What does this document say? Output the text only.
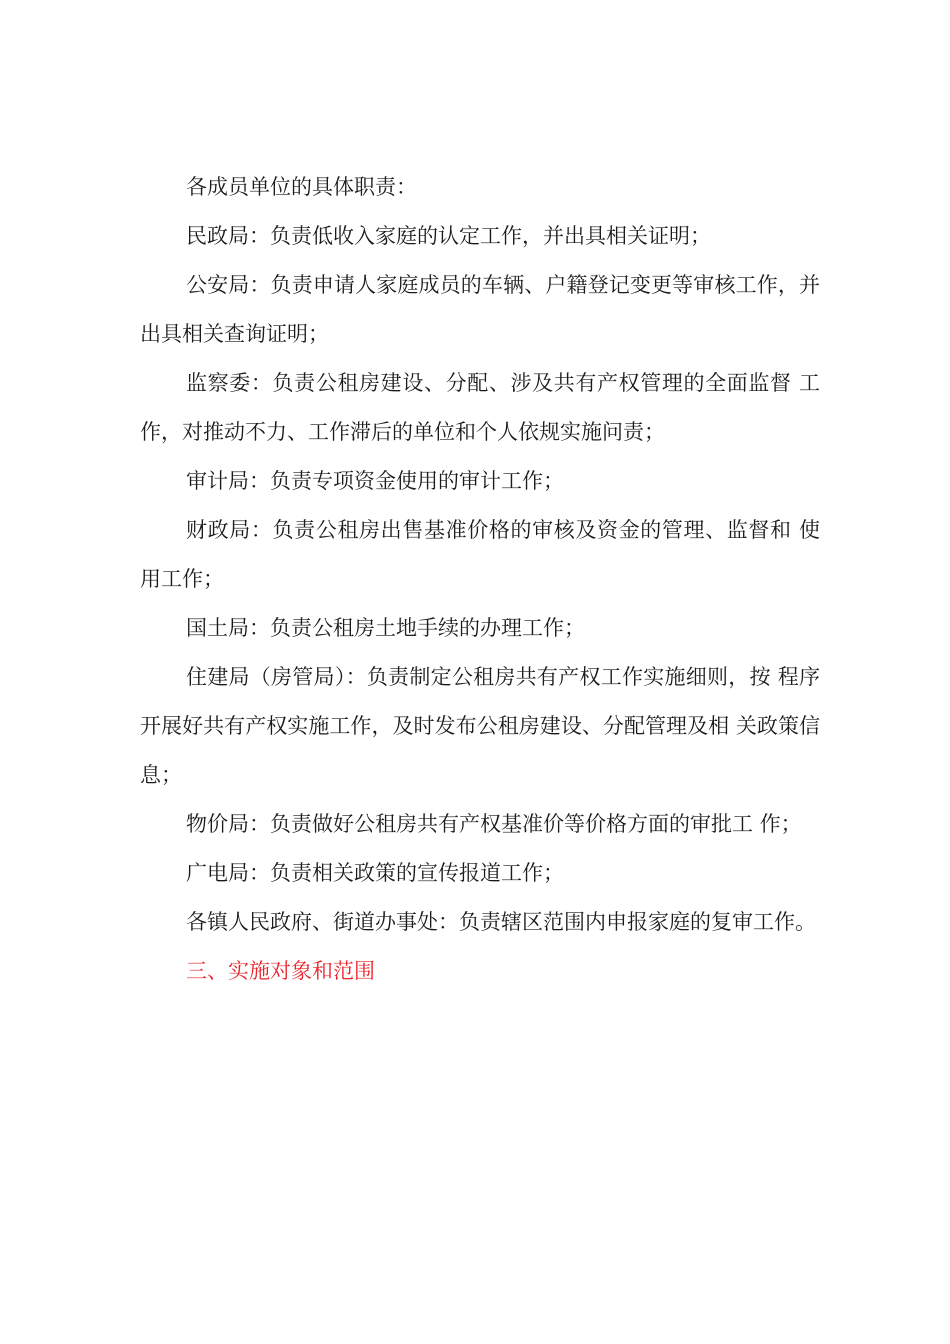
各成员单位的具体职责：

民政局：负责低收入家庭的认定工作，并出具相关证明；

公安局：负责申请人家庭成员的车辆、户籍登记变更等审核工作，并出具相关查询证明；

监察委：负责公租房建设、分配、涉及共有产权管理的全面监督 工作，对推动不力、工作滞后的单位和个人依规实施问责；

审计局：负责专项资金使用的审计工作；

财政局：负责公租房出售基准价格的审核及资金的管理、监督和 使用工作；

国土局：负责公租房土地手续的办理工作；

住建局（房管局）：负责制定公租房共有产权工作实施细则，按 程序开展好共有产权实施工作，及时发布公租房建设、分配管理及相 关政策信息；

物价局：负责做好公租房共有产权基准价等价格方面的审批工 作；

广电局：负责相关政策的宣传报道工作；

各镇人民政府、街道办事处：负责辖区范围内申报家庭的复审工作。

三、实施对象和范围
